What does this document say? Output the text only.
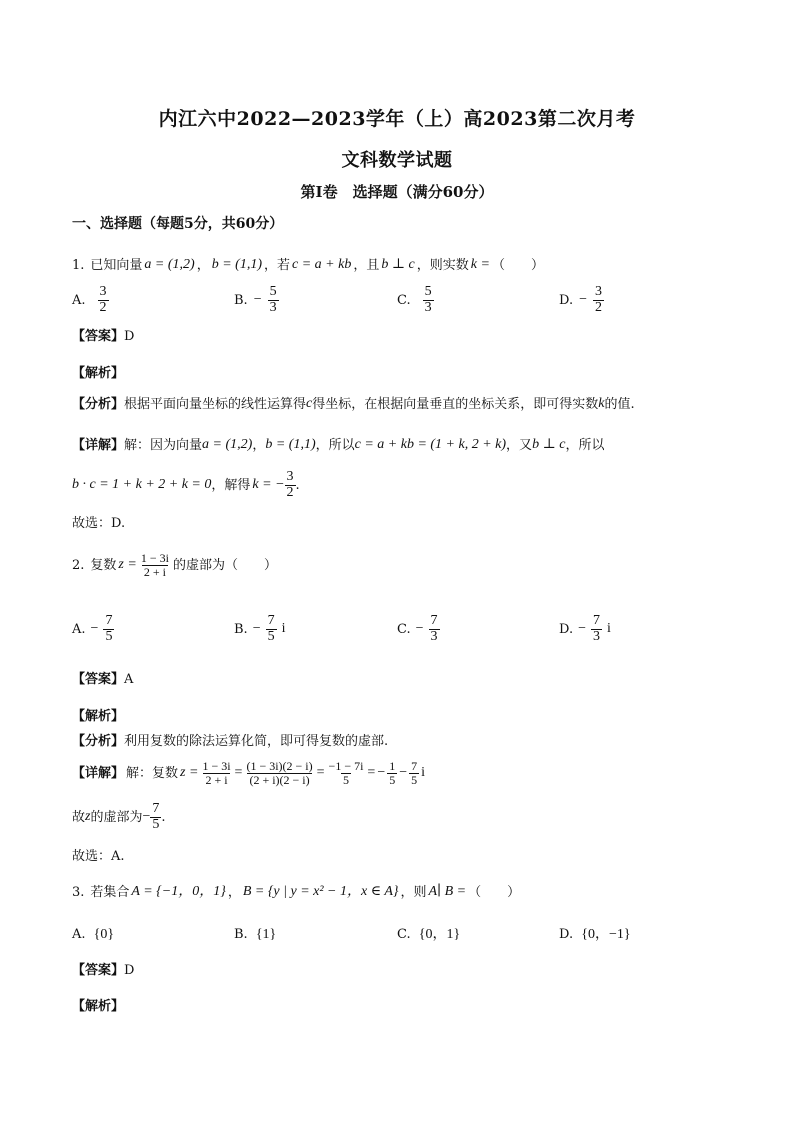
内江六中2022—2023学年（上）高2023第二次月考
文科数学试题
第Ⅰ卷　选择题（满分60分）
一、选择题（每题5分，共60分）
1. 已知向量 a = (1,2) ， b = (1,1) ，若 c = a + kb ，且 b ⊥ c ，则实数 k = （　　）
A. $\frac{3}{2}$	B. − $\frac{5}{3}$	C. $\frac{5}{3}$	D. − $\frac{3}{2}$
【答案】D
【解析】
【分析】 根据平面向量坐标的线性运算得 c 得坐标，在根据向量垂直的坐标关系，即可得实数 k 的值.
【详解】 解：因为向量 a = (1,2) ， b = (1,1) ，所以 c = a + kb = (1 + k, 2 + k) ，又 b ⊥ c ，所以
b · c = 1 + k + 2 + k = 0 ，解得 k = − $\frac{3}{2}$ .
故选：D.
2. 复数 $z = \frac{1 - 3i}{2 + i}$ 的虚部为（　　）
A. − $\frac{7}{5}$	B. − $\frac{7}{5}$ i	C. − $\frac{7}{3}$	D. − $\frac{7}{3}$ i
【答案】A
【解析】
【分析】 利用复数的除法运算化简，即可得复数的虚部.
【详解】 解：复数 $z = \frac{1 - 3i}{2 + i} = \frac{(1 - 3i)(2 - i)}{(2 + i)(2 - i)} = \frac{-1 - 7i}{5}$ = − $\frac{1}{5} - \frac{7}{5}$ i
故 z 的虚部为 − $\frac{7}{5}$ .
故选：A.
3. 若集合 A = {−1，0，1} ， B = {y | y = x² − 1，x ∈ A} ，则 A∣ B = （　　）
A. {0}	B. {1}	C. {0，1}	D. {0，−1}
【答案】D
【解析】
